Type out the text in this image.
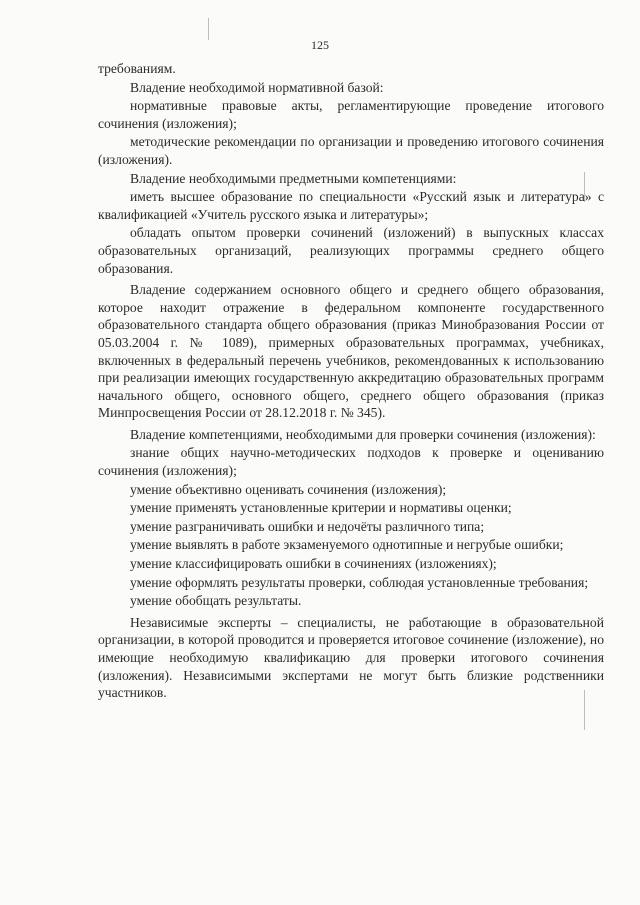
125

требованиям.

Владение необходимой нормативной базой:

нормативные правовые акты, регламентирующие проведение итогового сочинения (изложения);

методические рекомендации по организации и проведению итогового сочинения (изложения).

Владение необходимыми предметными компетенциями:

иметь высшее образование по специальности «Русский язык и литература» с квалификацией «Учитель русского языка и литературы»;

обладать опытом проверки сочинений (изложений) в выпускных классах образовательных организаций, реализующих программы среднего общего образования.

Владение содержанием основного общего и среднего общего образования, которое находит отражение в федеральном компоненте государственного образовательного стандарта общего образования (приказ Минобразования России от 05.03.2004 г. № 1089), примерных образовательных программах, учебниках, включенных в федеральный перечень учебников, рекомендованных к использованию при реализации имеющих государственную аккредитацию образовательных программ начального общего, основного общего, среднего общего образования (приказ Минпросвещения России от 28.12.2018 г. № 345).

Владение компетенциями, необходимыми для проверки сочинения (изложения):

знание общих научно-методических подходов к проверке и оцениванию сочинения (изложения);

умение объективно оценивать сочинения (изложения);

умение применять установленные критерии и нормативы оценки;

умение разграничивать ошибки и недочёты различного типа;

умение выявлять в работе экзаменуемого однотипные и негрубые ошибки;

умение классифицировать ошибки в сочинениях (изложениях);

умение оформлять результаты проверки, соблюдая установленные требования;

умение обобщать результаты.

Независимые эксперты – специалисты, не работающие в образовательной организации, в которой проводится и проверяется итоговое сочинение (изложение), но имеющие необходимую квалификацию для проверки итогового сочинения (изложения). Независимыми экспертами не могут быть близкие родственники участников.
